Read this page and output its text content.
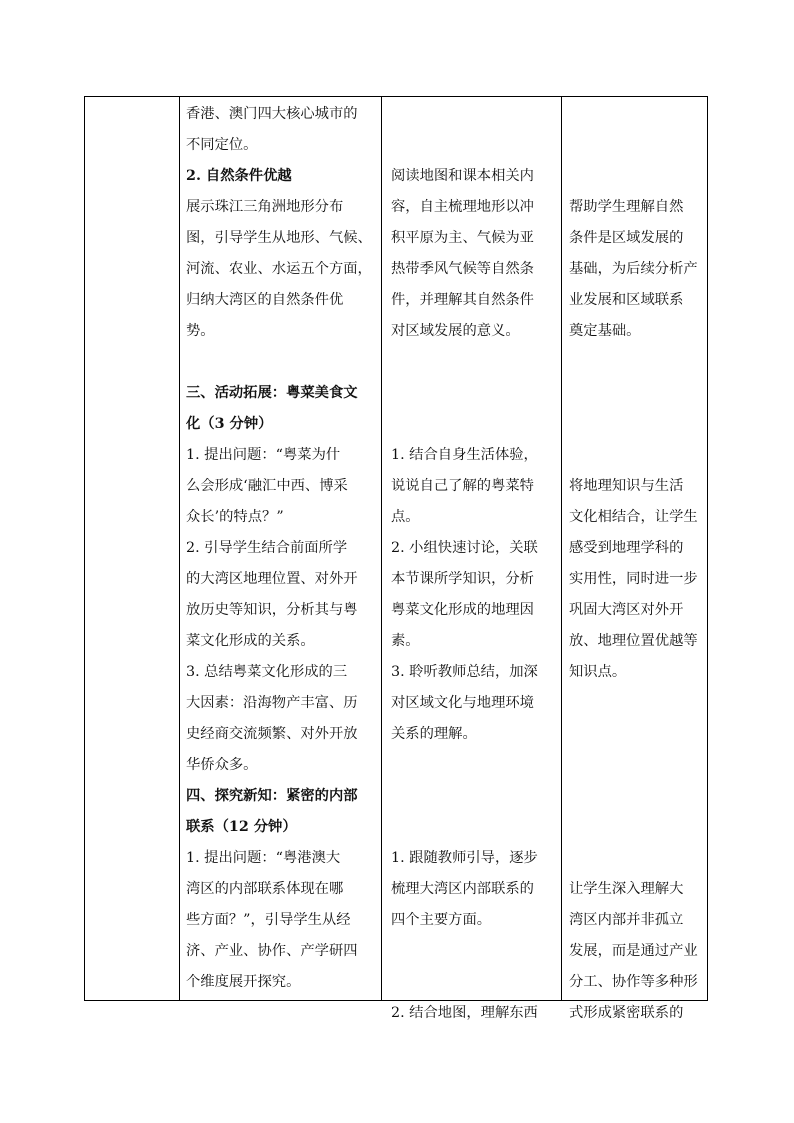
香港、澳门四大核心城市的
不同定位。
2. 自然条件优越
展示珠江三角洲地形分布
图，引导学生从地形、气候、
河流、农业、水运五个方面，
归纳大湾区的自然条件优
势。
三、活动拓展：粤菜美食文
化（3 分钟）
1. 提出问题：“粤菜为什
么会形成‘融汇中西、博采
众长’的特点？”
2. 引导学生结合前面所学
的大湾区地理位置、对外开
放历史等知识，分析其与粤
菜文化形成的关系。
3. 总结粤菜文化形成的三
大因素：沿海物产丰富、历
史经商交流频繁、对外开放
华侨众多。
四、探究新知：紧密的内部
联系（12 分钟）
1. 提出问题：“粤港澳大
湾区的内部联系体现在哪
些方面？”，引导学生从经
济、产业、协作、产学研四
个维度展开探究。
阅读地图和课本相关内
容，自主梳理地形以冲
积平原为主、气候为亚
热带季风气候等自然条
件，并理解其自然条件
对区域发展的意义。
1. 结合自身生活体验，
说说自己了解的粤菜特
点。
2. 小组快速讨论，关联
本节课所学知识，分析
粤菜文化形成的地理因
素。
3. 聆听教师总结，加深
对区域文化与地理环境
关系的理解。
1. 跟随教师引导，逐步
梳理大湾区内部联系的
四个主要方面。
2. 结合地图，理解东西
帮助学生理解自然
条件是区域发展的
基础，为后续分析产
业发展和区域联系
奠定基础。
将地理知识与生活
文化相结合，让学生
感受到地理学科的
实用性，同时进一步
巩固大湾区对外开
放、地理位置优越等
知识点。
让学生深入理解大
湾区内部并非孤立
发展，而是通过产业
分工、协作等多种形
式形成紧密联系的
